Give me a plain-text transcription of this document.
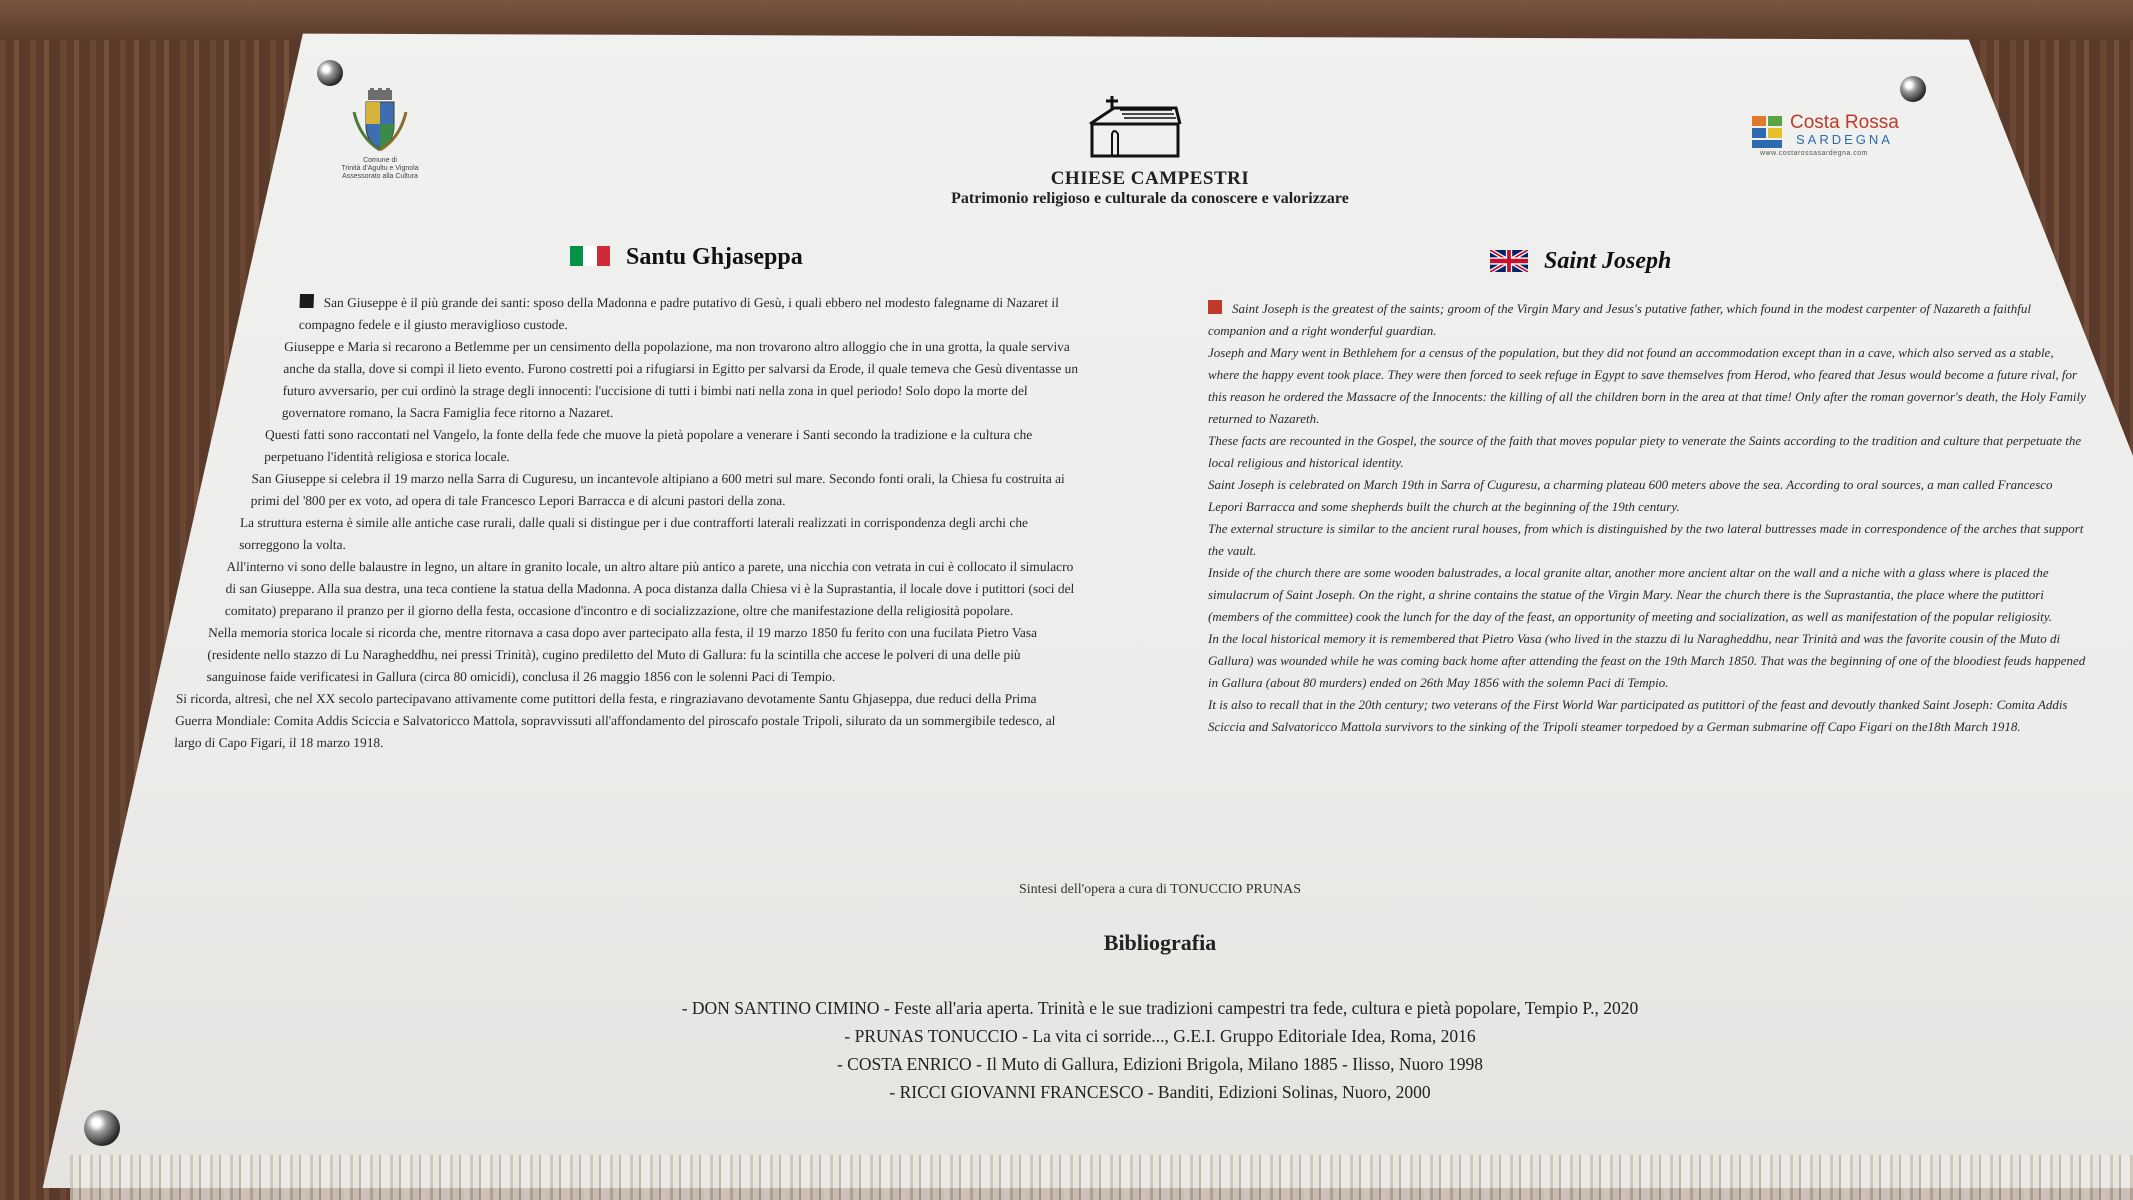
Comune di
Trinità d'Agultu e Vignola
Assessorato alla Cultura
Costa Rossa
SARDEGNA
www.costarossasardegna.com
CHIESE CAMPESTRI
Patrimonio religioso e culturale da conoscere e valorizzare
Santu Ghjaseppa

San Giuseppe è il più grande dei santi: sposo della Madonna e padre putativo di Gesù, i quali ebbero nel modesto falegname di Nazaret il compagno fedele e il giusto meraviglioso custode.

Giuseppe e Maria si recarono a Betlemme per un censimento della popolazione, ma non trovarono altro alloggio che in una grotta, la quale serviva anche da stalla, dove si compì il lieto evento. Furono costretti poi a rifugiarsi in Egitto per salvarsi da Erode, il quale temeva che Gesù diventasse un futuro avversario, per cui ordinò la strage degli innocenti: l'uccisione di tutti i bimbi nati nella zona in quel periodo! Solo dopo la morte del governatore romano, la Sacra Famiglia fece ritorno a Nazaret.

Questi fatti sono raccontati nel Vangelo, la fonte della fede che muove la pietà popolare a venerare i Santi secondo la tradizione e la cultura che perpetuano l'identità religiosa e storica locale.

San Giuseppe si celebra il 19 marzo nella Sarra di Cuguresu, un incantevole altipiano a 600 metri sul mare. Secondo fonti orali, la Chiesa fu costruita ai primi del '800 per ex voto, ad opera di tale Francesco Lepori Barracca e di alcuni pastori della zona.

La struttura esterna è simile alle antiche case rurali, dalle quali si distingue per i due contrafforti laterali realizzati in corrispondenza degli archi che sorreggono la volta.

All'interno vi sono delle balaustre in legno, un altare in granito locale, un altro altare più antico a parete, una nicchia con vetrata in cui è collocato il simulacro di san Giuseppe. Alla sua destra, una teca contiene la statua della Madonna. A poca distanza dalla Chiesa vi è la Suprastantia, il locale dove i putittori (soci del comitato) preparano il pranzo per il giorno della festa, occasione d'incontro e di socializzazione, oltre che manifestazione della religiosità popolare.

Nella memoria storica locale si ricorda che, mentre ritornava a casa dopo aver partecipato alla festa, il 19 marzo 1850 fu ferito con una fucilata Pietro Vasa (residente nello stazzo di Lu Naragheddhu, nei pressi Trinità), cugino prediletto del Muto di Gallura: fu la scintilla che accese le polveri di una delle più sanguinose faide verificatesi in Gallura (circa 80 omicidi), conclusa il 26 maggio 1856 con le solenni Paci di Tempio.

Si ricorda, altresì, che nel XX secolo partecipavano attivamente come putittori della festa, e ringraziavano devotamente Santu Ghjaseppa, due reduci della Prima Guerra Mondiale: Comita Addis Sciccia e Salvatoricco Mattola, sopravvissuti all'affondamento del piroscafo postale Tripoli, silurato da un sommergibile tedesco, al largo di Capo Figari, il 18 marzo 1918.

Saint Joseph

Saint Joseph is the greatest of the saints; groom of the Virgin Mary and Jesus's putative father, which found in the modest carpenter of Nazareth a faithful companion and a right wonderful guardian.

Joseph and Mary went in Bethlehem for a census of the population, but they did not found an accommodation except than in a cave, which also served as a stable, where the happy event took place. They were then forced to seek refuge in Egypt to save themselves from Herod, who feared that Jesus would become a future rival, for this reason he ordered the Massacre of the Innocents: the killing of all the children born in the area at that time! Only after the roman governor's death, the Holy Family returned to Nazareth.

These facts are recounted in the Gospel, the source of the faith that moves popular piety to venerate the Saints according to the tradition and culture that perpetuate the local religious and historical identity.

Saint Joseph is celebrated on March 19th in Sarra of Cuguresu, a charming plateau 600 meters above the sea. According to oral sources, a man called Francesco Lepori Barracca and some shepherds built the church at the beginning of the 19th century.

The external structure is similar to the ancient rural houses, from which is distinguished by the two lateral buttresses made in correspondence of the arches that support the vault.

Inside of the church there are some wooden balustrades, a local granite altar, another more ancient altar on the wall and a niche with a glass where is placed the simulacrum of Saint Joseph. On the right, a shrine contains the statue of the Virgin Mary. Near the church there is the Suprastantia, the place where the putittori (members of the committee) cook the lunch for the day of the feast, an opportunity of meeting and socialization, as well as manifestation of the popular religiosity.

In the local historical memory it is remembered that Pietro Vasa (who lived in the stazzu di lu Naragheddhu, near Trinità and was the favorite cousin of the Muto di Gallura) was wounded while he was coming back home after attending the feast on the 19th March 1850. That was the beginning of one of the bloodiest feuds happened in Gallura (about 80 murders) ended on 26th May 1856 with the solemn Paci di Tempio.

It is also to recall that in the 20th century; two veterans of the First World War participated as putittori of the feast and devoutly thanked Saint Joseph: Comita Addis Sciccia and Salvatoricco Mattola survivors to the sinking of the Tripoli steamer torpedoed by a German submarine off Capo Figari on the18th March 1918.

Sintesi dell'opera a cura di TONUCCIO PRUNAS
Bibliografia
- DON SANTINO CIMINO - Feste all'aria aperta. Trinità e le sue tradizioni campestri tra fede, cultura e pietà popolare, Tempio P., 2020
- PRUNAS TONUCCIO - La vita ci sorride..., G.E.I. Gruppo Editoriale Idea, Roma, 2016
- COSTA ENRICO - Il Muto di Gallura, Edizioni Brigola, Milano 1885 - Ilisso, Nuoro 1998
- RICCI GIOVANNI FRANCESCO - Banditi, Edizioni Solinas, Nuoro, 2000
